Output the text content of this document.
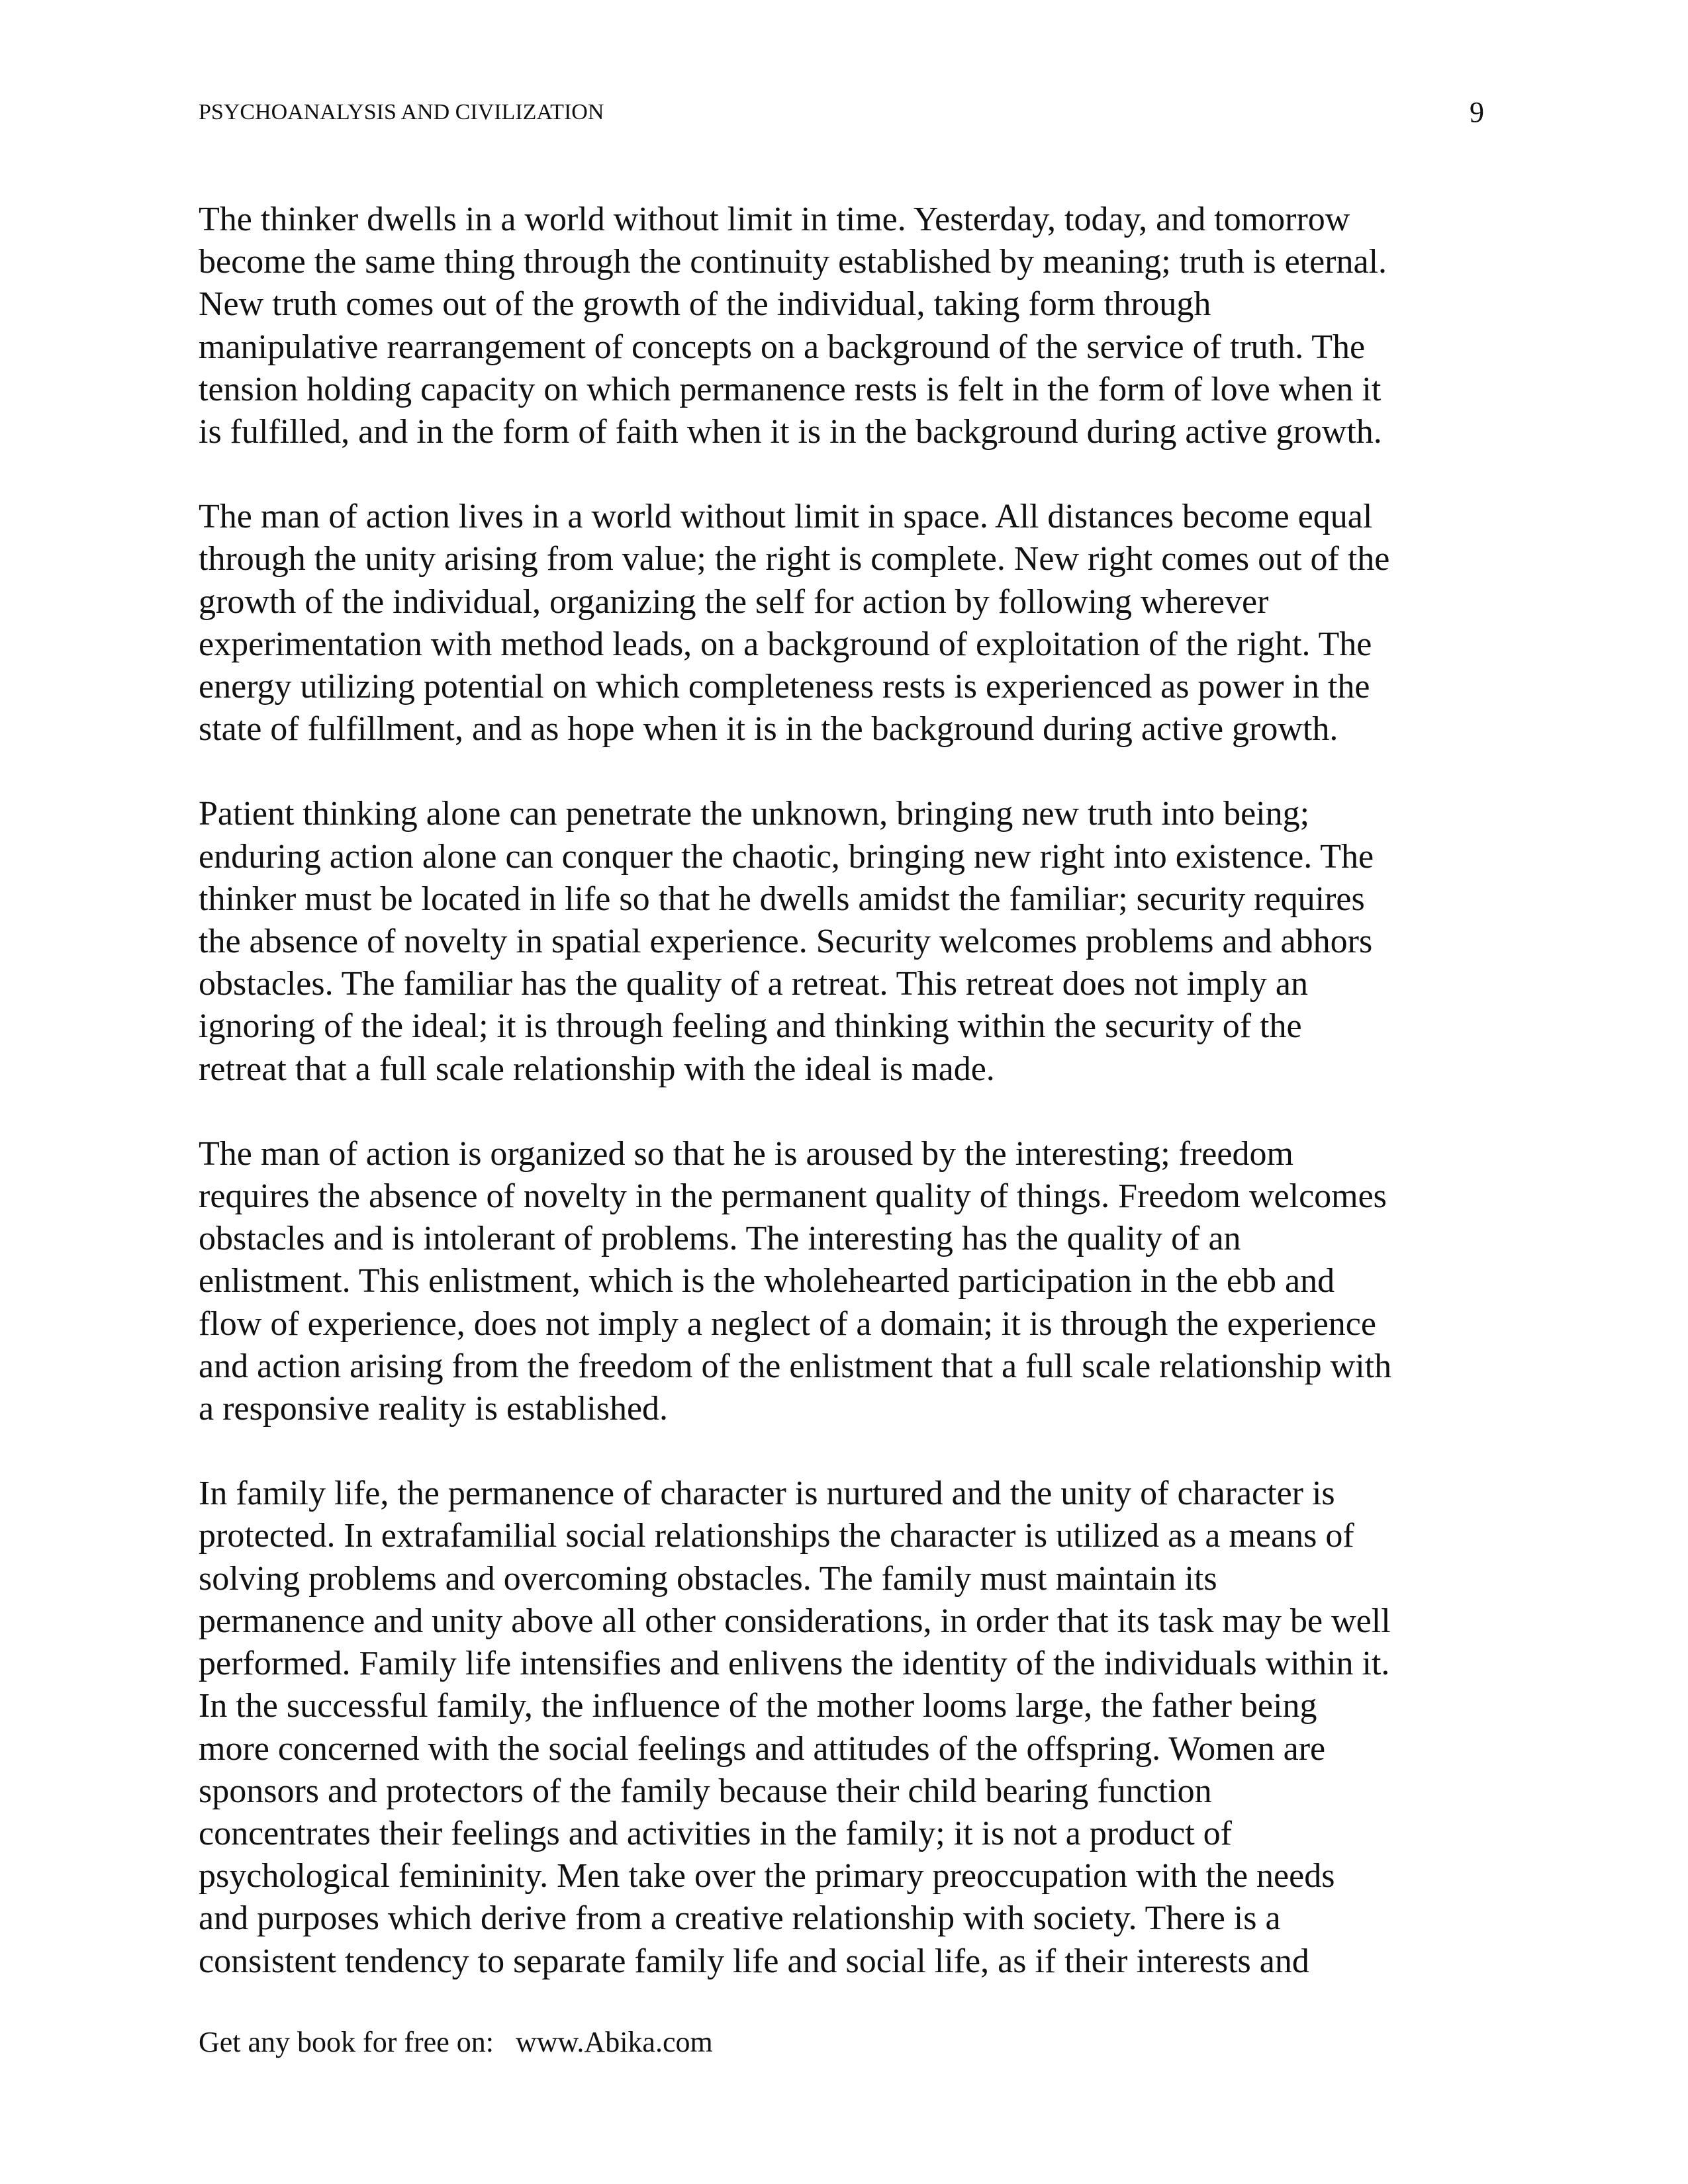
PSYCHOANALYSIS AND CIVILIZATION	9

The thinker dwells in a world without limit in time. Yesterday, today, and tomorrow
become the same thing through the continuity established by meaning; truth is eternal.
New truth comes out of the growth of the individual, taking form through
manipulative rearrangement of concepts on a background of the service of truth. The
tension holding capacity on which permanence rests is felt in the form of love when it
is fulfilled, and in the form of faith when it is in the background during active growth.

The man of action lives in a world without limit in space. All distances become equal
through the unity arising from value; the right is complete. New right comes out of the
growth of the individual, organizing the self for action by following wherever
experimentation with method leads, on a background of exploitation of the right. The
energy utilizing potential on which completeness rests is experienced as power in the
state of fulfillment, and as hope when it is in the background during active growth.

Patient thinking alone can penetrate the unknown, bringing new truth into being;
enduring action alone can conquer the chaotic, bringing new right into existence. The
thinker must be located in life so that he dwells amidst the familiar; security requires
the absence of novelty in spatial experience. Security welcomes problems and abhors
obstacles. The familiar has the quality of a retreat. This retreat does not imply an
ignoring of the ideal; it is through feeling and thinking within the security of the
retreat that a full scale relationship with the ideal is made.

The man of action is organized so that he is aroused by the interesting; freedom
requires the absence of novelty in the permanent quality of things. Freedom welcomes
obstacles and is intolerant of problems. The interesting has the quality of an
enlistment. This enlistment, which is the wholehearted participation in the ebb and
flow of experience, does not imply a neglect of a domain; it is through the experience
and action arising from the freedom of the enlistment that a full scale relationship with
a responsive reality is established.

In family life, the permanence of character is nurtured and the unity of character is
protected. In extrafamilial social relationships the character is utilized as a means of
solving problems and overcoming obstacles. The family must maintain its
permanence and unity above all other considerations, in order that its task may be well
performed. Family life intensifies and enlivens the identity of the individuals within it.
In the successful family, the influence of the mother looms large, the father being
more concerned with the social feelings and attitudes of the offspring. Women are
sponsors and protectors of the family because their child bearing function
concentrates their feelings and activities in the family; it is not a product of
psychological femininity. Men take over the primary preoccupation with the needs
and purposes which derive from a creative relationship with society. There is a
consistent tendency to separate family life and social life, as if their interests and

Get any book for free on:   www.Abika.com
